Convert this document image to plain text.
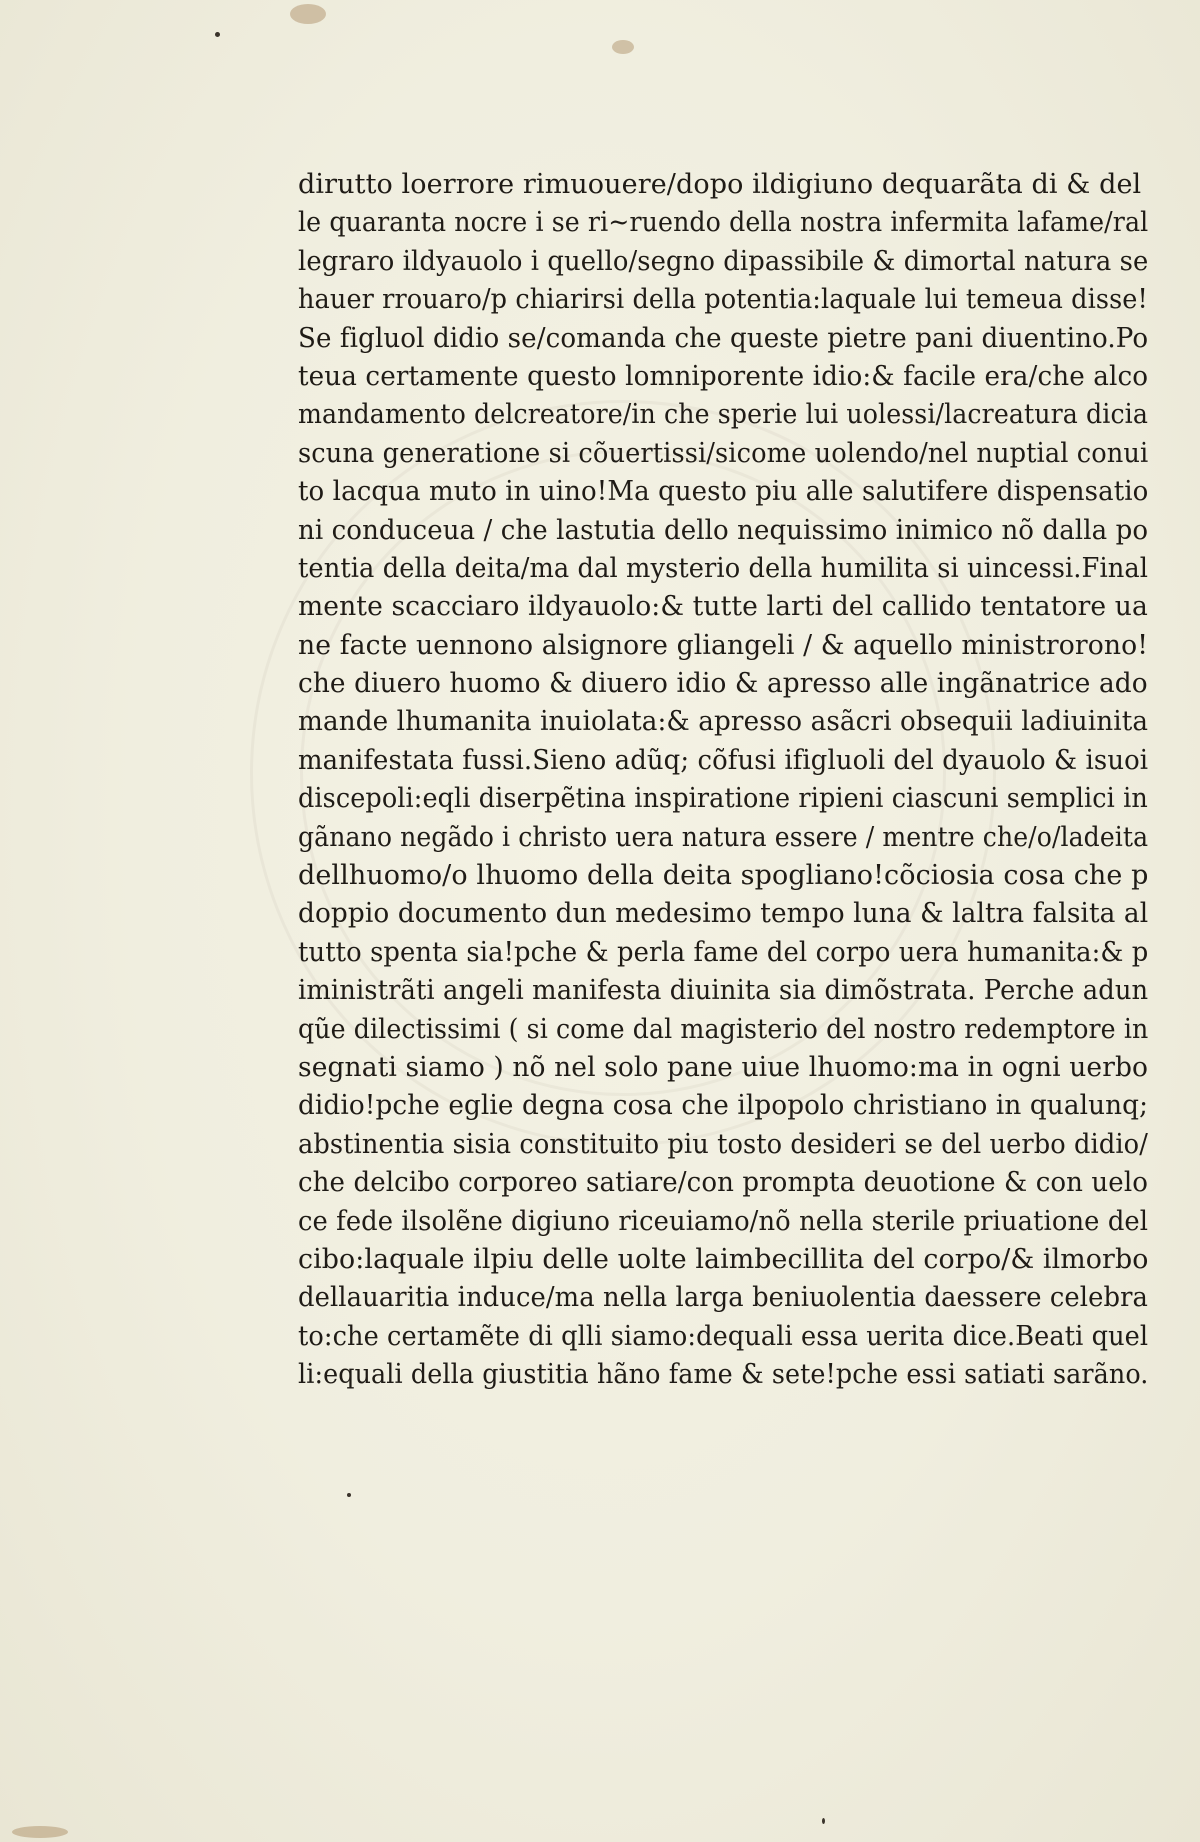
dirutto loerrore rimuouere/dopo ildigiuno dequarãta di & del
le quaranta nocre i se ri~ruendo della nostra infermita lafame/ral
legraro ildyauolo i quello/segno dipassibile & dimortal natura se
hauer rrouaro/p chiarirsi della potentia:laquale lui temeua disse!
Se figluol didio se/comanda che queste pietre pani diuentino.Po
teua certamente questo lomniporente idio:& facile era/che alco
mandamento delcreatore/in che sperie lui uolessi/lacreatura dicia
scuna generatione si cõuertissi/sicome uolendo/nel nuptial conui
to lacqua muto in uino!Ma questo piu alle salutifere dispensatio
ni conduceua / che lastutia dello nequissimo inimico nõ dalla po
tentia della deita/ma dal mysterio della humilita si uincessi.Final
mente scacciaro ildyauolo:& tutte larti del callido tentatore ua
ne facte uennono alsignore gliangeli / & aquello ministrorono!
che diuero huomo & diuero idio & apresso alle ingãnatrice ado
mande lhumanita inuiolata:& apresso asãcri obsequii ladiuinita
manifestata fussi.Sieno adũq; cõfusi ifigluoli del dyauolo & isuoi
discepoli:eqli diserpẽtina inspiratione ripieni ciascuni semplici in
gãnano negãdo i christo uera natura essere / mentre che/o/ladeita
dellhuomo/o lhuomo della deita spogliano!cõciosia cosa che p
doppio documento dun medesimo tempo luna & laltra falsita al
tutto spenta sia!pche & perla fame del corpo uera humanita:& p
iministrãti angeli manifesta diuinita sia dimõstrata. Perche adun
qũe dilectissimi ( si come dal magisterio del nostro redemptore in
segnati siamo ) nõ nel solo pane uiue lhuomo:ma in ogni uerbo
didio!pche eglie degna cosa che ilpopolo christiano in qualunq;
abstinentia sisia constituito piu tosto desideri se del uerbo didio/
che delcibo corporeo satiare/con prompta deuotione & con uelo
ce fede ilsolẽne digiuno riceuiamo/nõ nella sterile priuatione del
cibo:laquale ilpiu delle uolte laimbecillita del corpo/& ilmorbo
dellauaritia induce/ma nella larga beniuolentia daessere celebra
to:che certamẽte di qlli siamo:dequali essa uerita dice.Beati quel
li:equali della giustitia hãno fame & sete!pche essi satiati sarãno.
